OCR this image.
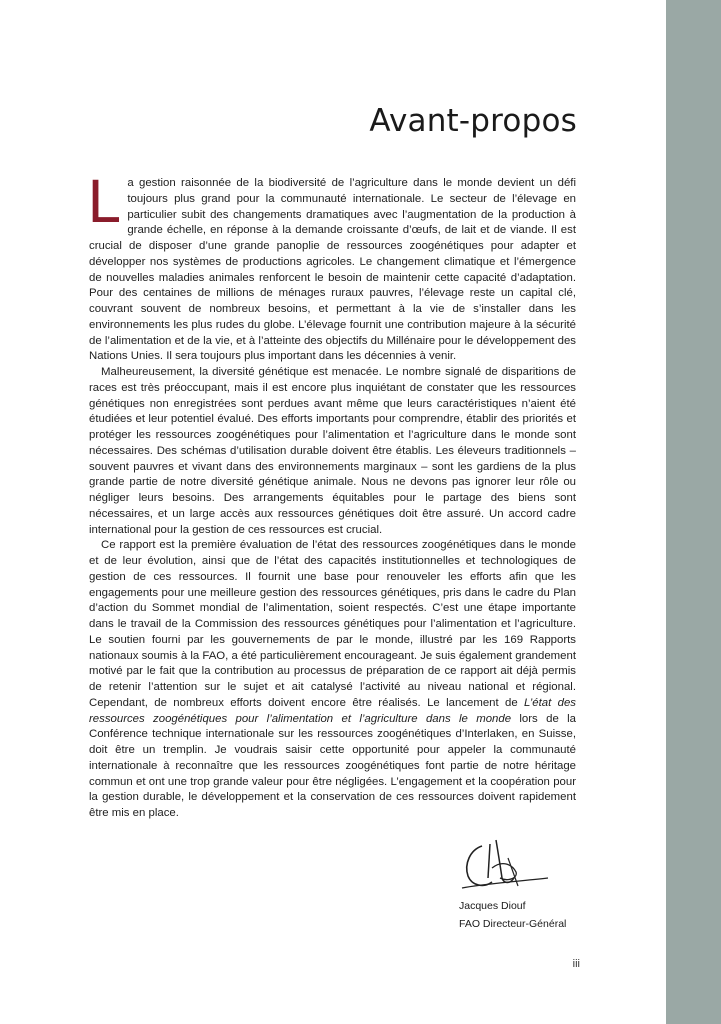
Avant-propos

La gestion raisonnée de la biodiversité de l’agriculture dans le monde devient un défi toujours plus grand pour la communauté internationale. Le secteur de l’élevage en particulier subit des changements dramatiques avec l’augmentation de la production à grande échelle, en réponse à la demande croissante d’œufs, de lait et de viande. Il est crucial de disposer d’une grande panoplie de ressources zoogénétiques pour adapter et développer nos systèmes de productions agricoles. Le changement climatique et l’émergence de nouvelles maladies animales renforcent le besoin de maintenir cette capacité d’adaptation. Pour des centaines de millions de ménages ruraux pauvres, l’élevage reste un capital clé, couvrant souvent de nombreux besoins, et permettant à la vie de s’installer dans les environnements les plus rudes du globe. L’élevage fournit une contribution majeure à la sécurité de l’alimentation et de la vie, et à l’atteinte des objectifs du Millénaire pour le développement des Nations Unies. Il sera toujours plus important dans les décennies à venir.

Malheureusement, la diversité génétique est menacée. Le nombre signalé de disparitions de races est très préoccupant, mais il est encore plus inquiétant de constater que les ressources génétiques non enregistrées sont perdues avant même que leurs caractéristiques n’aient été étudiées et leur potentiel évalué. Des efforts importants pour comprendre, établir des priorités et protéger les ressources zoogénétiques pour l’alimentation et l’agriculture dans le monde sont nécessaires. Des schémas d’utilisation durable doivent être établis. Les éleveurs traditionnels – souvent pauvres et vivant dans des environnements marginaux – sont les gardiens de la plus grande partie de notre diversité génétique animale. Nous ne devons pas ignorer leur rôle ou négliger leurs besoins. Des arrangements équitables pour le partage des biens sont nécessaires, et un large accès aux ressources génétiques doit être assuré. Un accord cadre international pour la gestion de ces ressources est crucial.

Ce rapport est la première évaluation de l’état des ressources zoogénétiques dans le monde et de leur évolution, ainsi que de l’état des capacités institutionnelles et technologiques de gestion de ces ressources. Il fournit une base pour renouveler les efforts afin que les engagements pour une meilleure gestion des ressources génétiques, pris dans le cadre du Plan d’action du Sommet mondial de l’alimentation, soient respectés. C’est une étape importante dans le travail de la Commission des ressources génétiques pour l’alimentation et l’agriculture. Le soutien fourni par les gouvernements de par le monde, illustré par les 169 Rapports nationaux soumis à la FAO, a été particulièrement encourageant. Je suis également grandement motivé par le fait que la contribution au processus de préparation de ce rapport ait déjà permis de retenir l’attention sur le sujet et ait catalysé l’activité au niveau national et régional. Cependant, de nombreux efforts doivent encore être réalisés. Le lancement de L’état des ressources zoogénétiques pour l’alimentation et l’agriculture dans le monde lors de la Conférence technique internationale sur les ressources zoogénétiques d’Interlaken, en Suisse, doit être un tremplin. Je voudrais saisir cette opportunité pour appeler la communauté internationale à reconnaître que les ressources zoogénétiques font partie de notre héritage commun et ont une trop grande valeur pour être négligées. L’engagement et la coopération pour la gestion durable, le développement et la conservation de ces ressources doivent rapidement être mis en place.

Jacques Diouf
FAO Directeur-Général
iii
